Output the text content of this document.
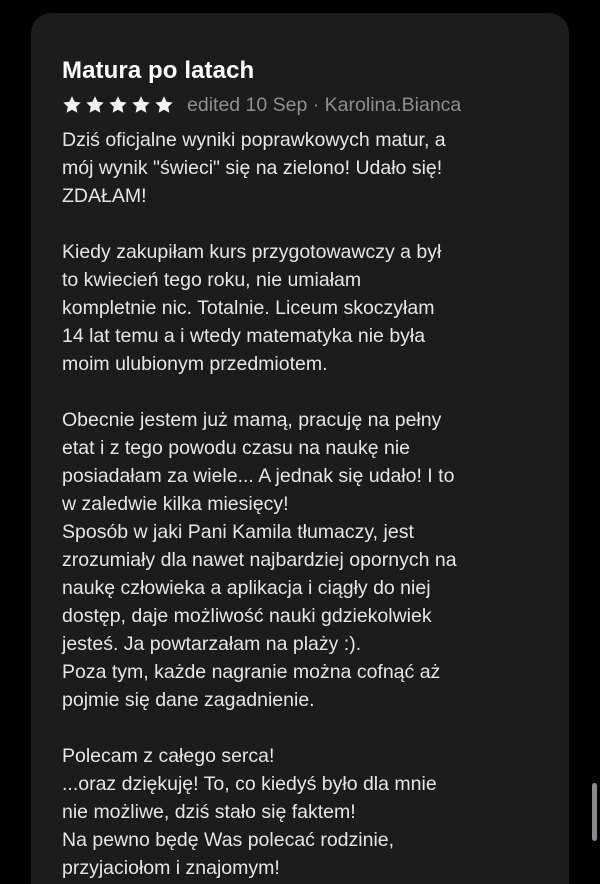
Matura po latach
edited 10 Sep · Karolina.Bianca

Dziś oficjalne wyniki poprawkowych matur, a
mój wynik "świeci" się na zielono! Udało się!
ZDAŁAM!

Kiedy zakupiłam kurs przygotowawczy a był
to kwiecień tego roku, nie umiałam
kompletnie nic. Totalnie. Liceum skoczyłam
14 lat temu a i wtedy matematyka nie była
moim ulubionym przedmiotem.

Obecnie jestem już mamą, pracuję na pełny
etat i z tego powodu czasu na naukę nie
posiadałam za wiele... A jednak się udało! I to
w zaledwie kilka miesięcy!
Sposób w jaki Pani Kamila tłumaczy, jest
zrozumiały dla nawet najbardziej opornych na
naukę człowieka a aplikacja i ciągły do niej
dostęp, daje możliwość nauki gdziekolwiek
jesteś. Ja powtarzałam na plaży :).
Poza tym, każde nagranie można cofnąć aż
pojmie się dane zagadnienie.

Polecam z całego serca!
...oraz dziękuję! To, co kiedyś było dla mnie
nie możliwe, dziś stało się faktem!
Na pewno będę Was polecać rodzinie,
przyjaciołom i znajomym!
